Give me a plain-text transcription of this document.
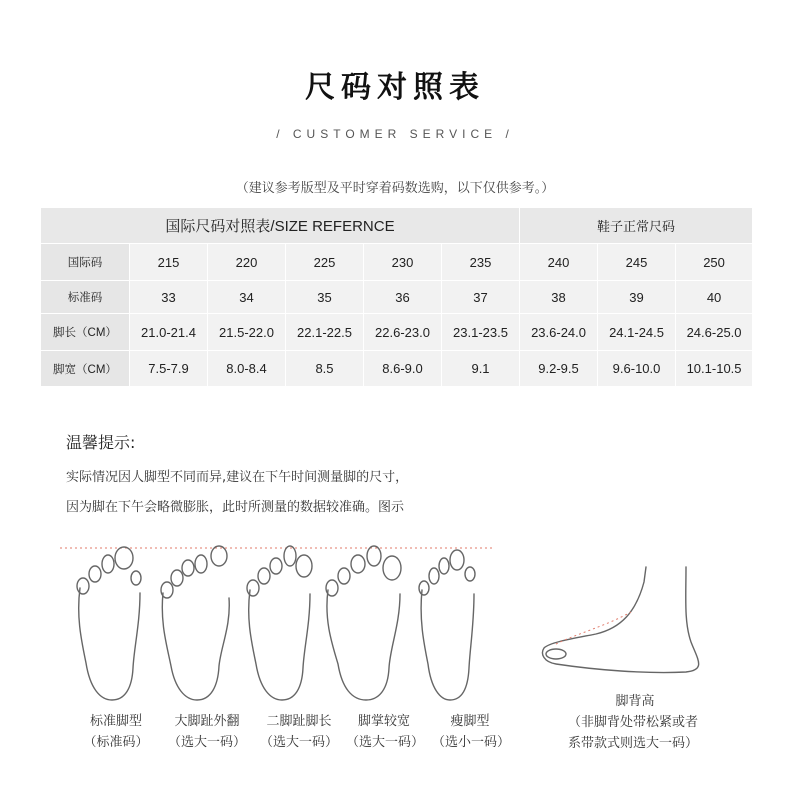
尺码对照表
/ CUSTOMER SERVICE /
（建议参考版型及平时穿着码数选购，以下仅供参考。）
国际尺码对照表/SIZE REFERNCE						鞋子正常尺码		
国际码	215	220	225	230	235	240	245	250
标准码	33	34	35	36	37	38	39	40
脚长（CM）	21.0-21.4	21.5-22.0	22.1-22.5	22.6-23.0	23.1-23.5	23.6-24.0	24.1-24.5	24.6-25.0
脚宽（CM）	7.5-7.9	8.0-8.4	8.5	8.6-9.0	9.1	9.2-9.5	9.6-10.0	10.1-10.5
温馨提示:
实际情况因人脚型不同而异,建议在下午时间测量脚的尺寸，
因为脚在下午会略微膨胀，此时所测量的数据较准确。图示
标准脚型
（标准码）
大脚趾外翻
（选大一码）
二脚趾脚长
（选大一码）
脚掌较宽
（选大一码）
瘦脚型
（选小一码）
脚背高
（非脚背处带松紧或者
系带款式则选大一码）
